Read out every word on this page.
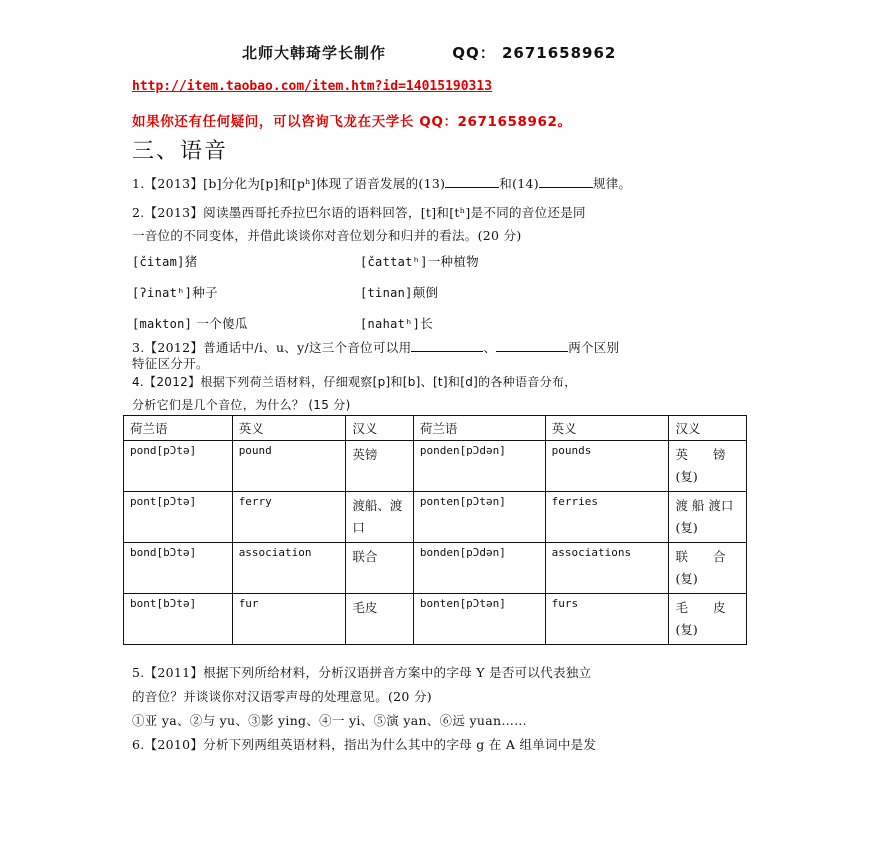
北师大韩琦学长制作	QQ： 2671658962
http://item.taobao.com/item.htm?id=14015190313
如果你还有任何疑问，可以咨询飞龙在天学长 QQ：2671658962。
三、语音
1.【2013】[b]分化为[p]和[pʰ]体现了语音发展的(13)	和(14)	规律。
2.【2013】阅读墨西哥托乔拉巴尔语的语料回答，[t]和[tʰ]是不同的音位还是同
一音位的不同变体，并借此谈谈你对音位划分和归并的看法。(20 分)
[čitam]猪	[čattatʰ]一种植物
[ʔinatʰ]种子	[tinan]颠倒
[makton] 一个傻瓜	[nahatʰ]长
3.【2012】普通话中/i、u、y/这三个音位可以用	、	两个区别
特征区分开。
4.【2012】根据下列荷兰语材料，仔细观察[p]和[b]、[t]和[d]的各种语音分布，
分析它们是几个音位，为什么？ (15 分)
荷兰语	英义	汉义	荷兰语	英义	汉义
pond[pƆtə]	pound	英镑	ponden[pƆdən]	pounds	英　　镑(复)
pont[pƆtə]	ferry	渡船、渡口	ponten[pƆtən]	ferries	渡 船 渡口(复)
bond[bƆtə]	association	联合	bonden[pƆdən]	associations	联　　合(复)
bont[bƆtə]	fur	毛皮	bonten[pƆtən]	furs	毛　　皮(复)
5.【2011】根据下列所给材料，分析汉语拼音方案中的字母 Y 是否可以代表独立
的音位？并谈谈你对汉语零声母的处理意见。(20 分)
①亚 ya、②与 yu、③影 ying、④一 yi、⑤演 yan、⑥远 yuan……
6.【2010】分析下列两组英语材料，指出为什么其中的字母 g 在 A 组单词中是发
